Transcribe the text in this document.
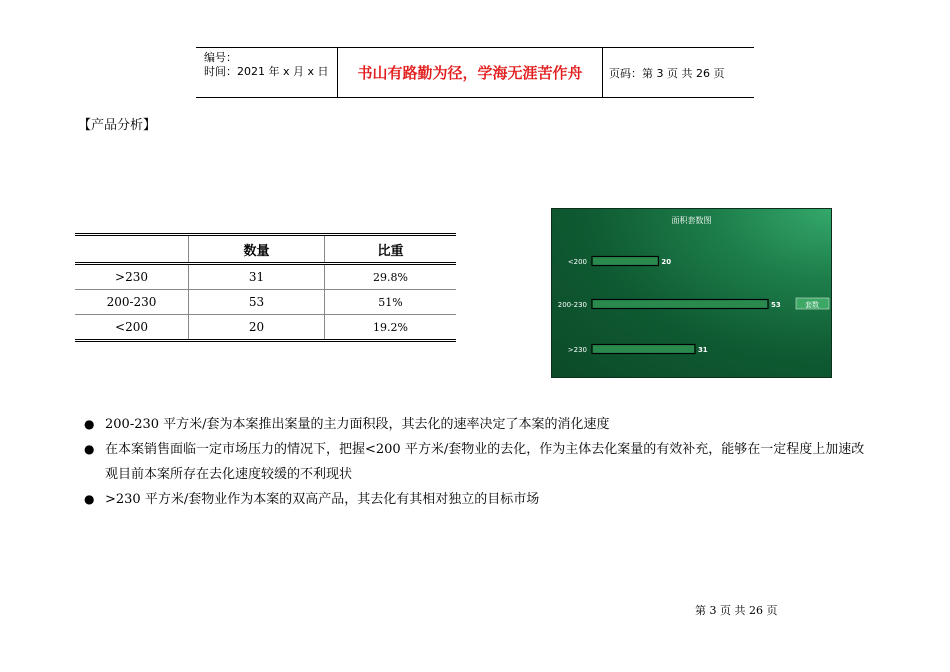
编号：
时间：2021 年 x 月 x 日	书山有路勤为径，学海无涯苦作舟	页码：第 3 页 共 26 页
【产品分析】
	数量	比重
>230	31	29.8%
200-230	53	51%
<200	20	19.2%
面积套数图
<200	20
200-230	53
>230	31
套数
● 200-230 平方米/套为本案推出案量的主力面积段，其去化的速率决定了本案的消化速度
● 在本案销售面临一定市场压力的情况下，把握<200 平方米/套物业的去化，作为主体去化案量的有效补充，能够在一定程度上加速改观目前本案所存在去化速度较缓的不利现状
● >230 平方米/套物业作为本案的双高产品，其去化有其相对独立的目标市场
第 3 页 共 26 页
